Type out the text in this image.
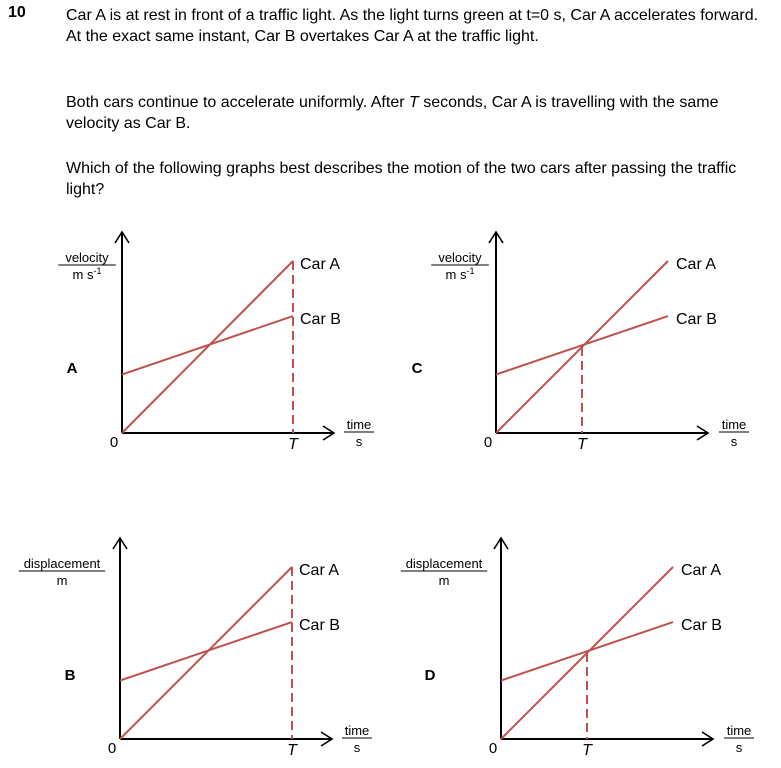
10	Car A is at rest in front of a traffic light. As the light turns green at t=0 s, Car A accelerates forward. At the exact same instant, Car B overtakes Car A at the traffic light.
Both cars continue to accelerate uniformly. After T seconds, Car A is travelling with the same velocity as Car B.
Which of the following graphs best describes the motion of the two cars after passing the traffic light?
A
velocity
m $s^{-1}$
time
s
0
Car A
Car B
T
C
velocity
m $s^{-1}$
time
s
0
Car A
Car B
T
B
displacement
m
time
s
0
Car A
Car B
T
D
displacement
m
time
s
0
Car A
Car B
T
